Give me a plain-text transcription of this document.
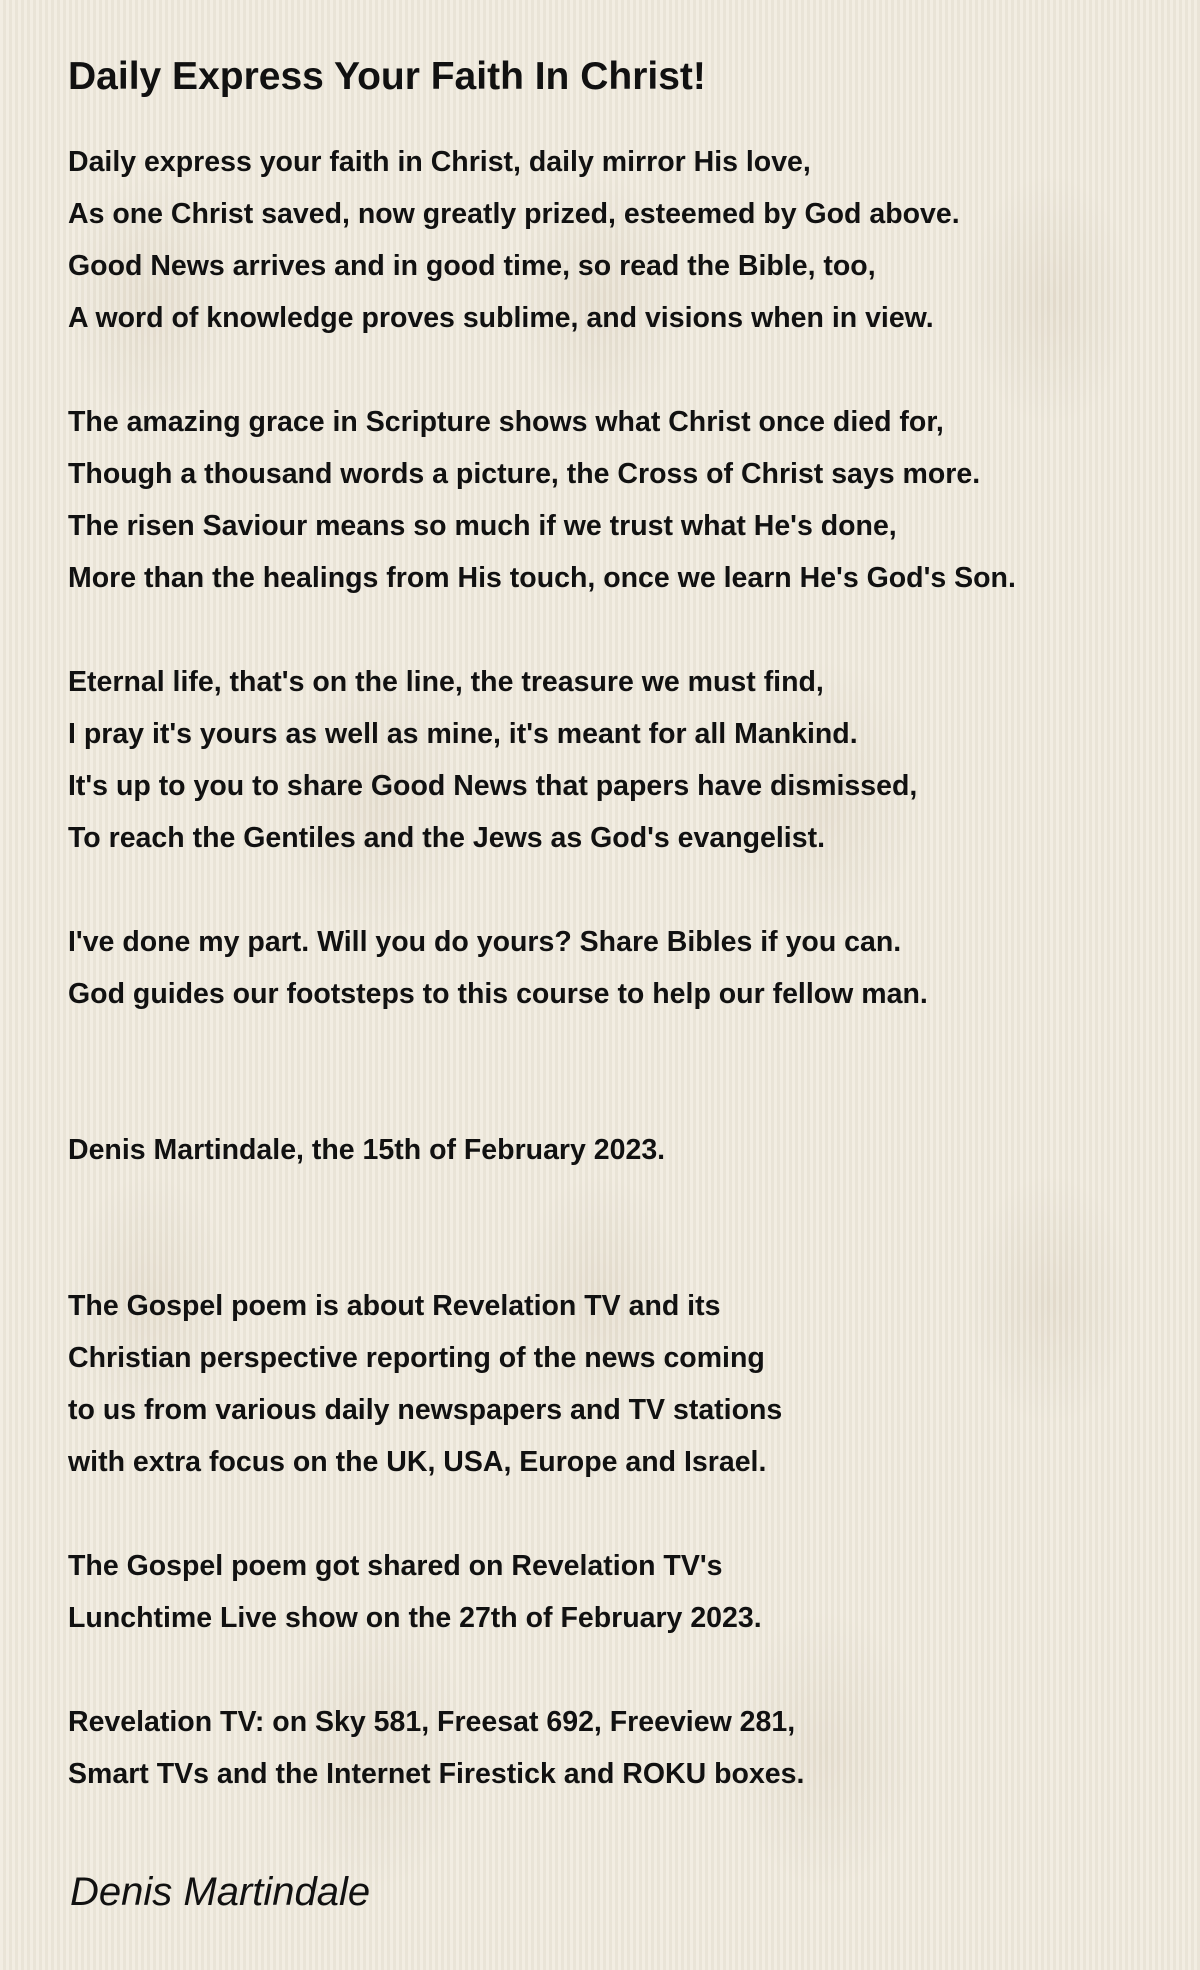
Daily Express Your Faith In Christ!
Daily express your faith in Christ, daily mirror His love,
As one Christ saved, now greatly prized, esteemed by God above.
Good News arrives and in good time, so read the Bible, too,
A word of knowledge proves sublime, and visions when in view.
The amazing grace in Scripture shows what Christ once died for,
Though a thousand words a picture, the Cross of Christ says more.
The risen Saviour means so much if we trust what He's done,
More than the healings from His touch, once we learn He's God's Son.
Eternal life, that's on the line, the treasure we must find,
I pray it's yours as well as mine, it's meant for all Mankind.
It's up to you to share Good News that papers have dismissed,
To reach the Gentiles and the Jews as God's evangelist.
I've done my part. Will you do yours? Share Bibles if you can.
God guides our footsteps to this course to help our fellow man.
Denis Martindale, the 15th of February 2023.
The Gospel poem is about Revelation TV and its
Christian perspective reporting of the news coming
to us from various daily newspapers and TV stations
with extra focus on the UK, USA, Europe and Israel.
The Gospel poem got shared on Revelation TV's
Lunchtime Live show on the 27th of February 2023.
Revelation TV: on Sky 581, Freesat 692, Freeview 281,
Smart TVs and the Internet Firestick and ROKU boxes.
Denis Martindale
